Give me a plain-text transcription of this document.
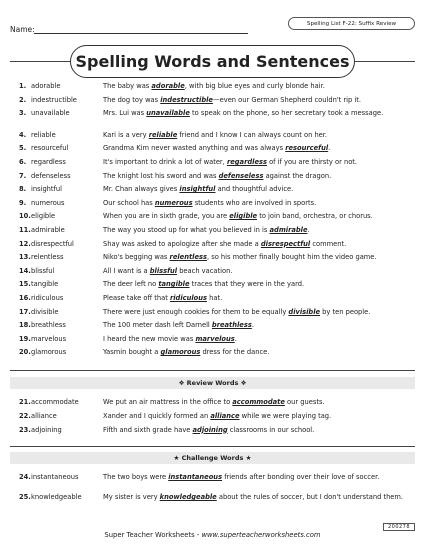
Name:
Spelling List F-22: Suffix Review
Spelling Words and Sentences
1. adorable	The baby was adorable, with big blue eyes and curly blonde hair.
2. indestructible	The dog toy was indestructible—even our German Shepherd couldn't rip it.
3. unavailable	Mrs. Lui was unavailable to speak on the phone, so her secretary took a message.
4. reliable	Kari is a very reliable friend and I know I can always count on her.
5. resourceful	Grandma Kim never wasted anything and was always resourceful.
6. regardless	It's important to drink a lot of water, regardless of if you are thirsty or not.
7. defenseless	The knight lost his sword and was defenseless against the dragon.
8. insightful	Mr. Chan always gives insightful and thoughtful advice.
9. numerous	Our school has numerous students who are involved in sports.
10. eligible	When you are in sixth grade, you are eligible to join band, orchestra, or chorus.
11. admirable	The way you stood up for what you believed in is admirable.
12. disrespectful	Shay was asked to apologize after she made a disrespectful comment.
13. relentless	Niko's begging was relentless, so his mother finally bought him the video game.
14. blissful	All I want is a blissful beach vacation.
15. tangible	The deer left no tangible traces that they were in the yard.
16. ridiculous	Please take off that ridiculous hat.
17. divisible	There were just enough cookies for them to be equally divisible by ten people.
18. breathless	The 100 meter dash left Darnell breathless.
19. marvelous	I heard the new movie was marvelous.
20. glamorous	Yasmin bought a glamorous dress for the dance.
❖ Review Words ❖
21. accommodate	We put an air mattress in the office to accommodate our guests.
22. alliance	Xander and I quickly formed an alliance while we were playing tag.
23. adjoining	Fifth and sixth grade have adjoining classrooms in our school.
★ Challenge Words ★
24. instantaneous	The two boys were instantaneous friends after bonding over their love of soccer.
25. knowledgeable	My sister is very knowledgeable about the rules of soccer, but I don't understand them.
Super Teacher Worksheets - www.superteacherworksheets.com
200278
